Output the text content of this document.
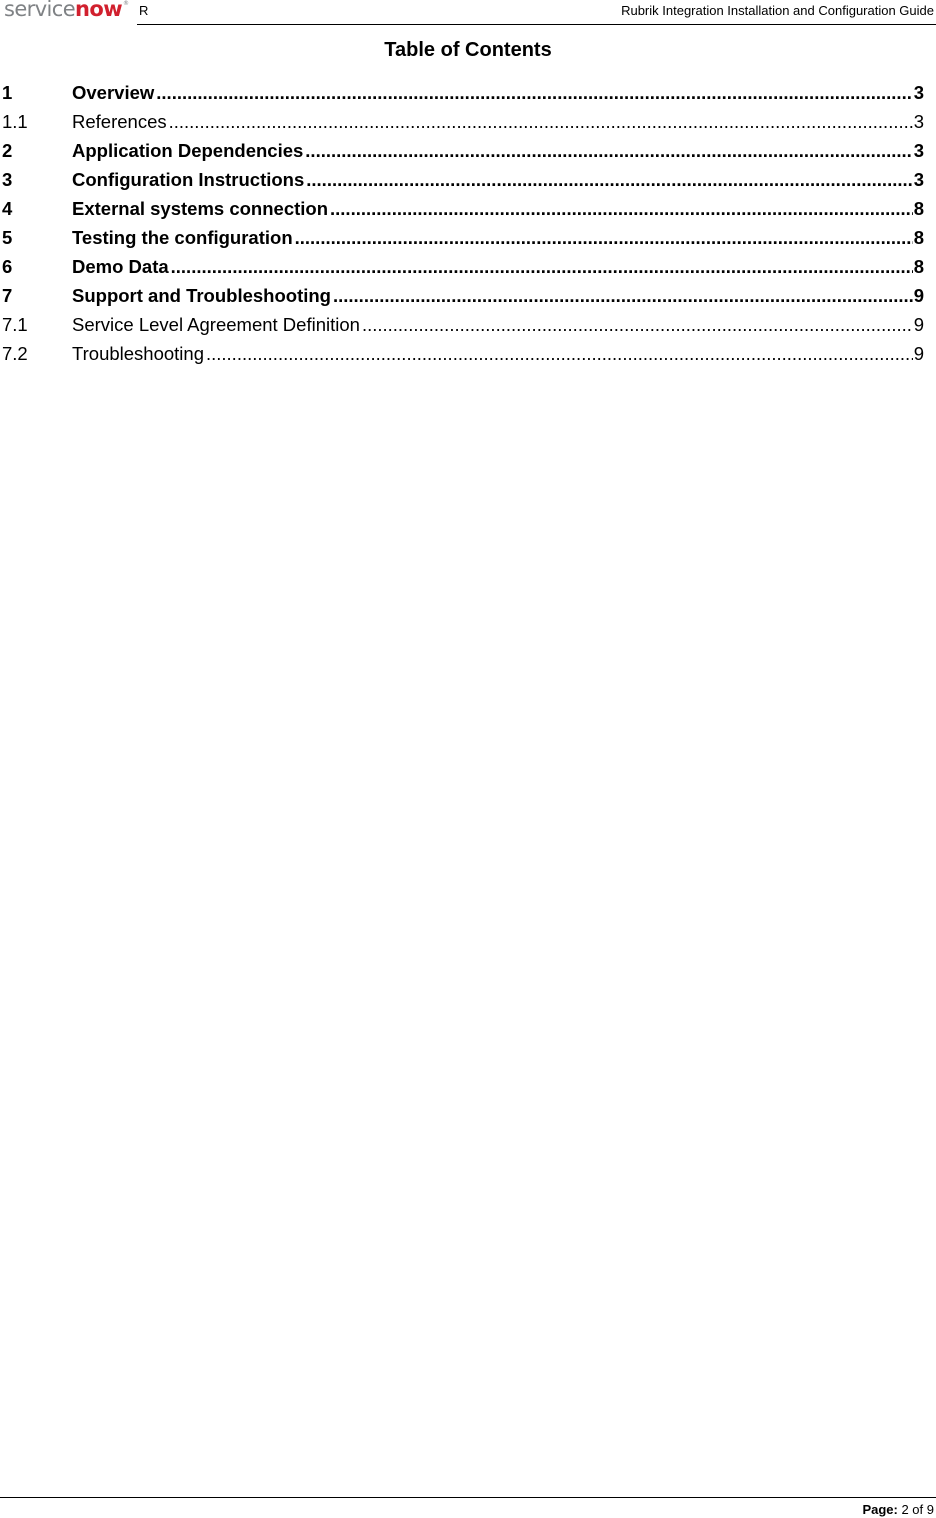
servicenow® R	Rubrik Integration Installation and Configuration Guide
Table of Contents
1	Overview .....	3
1.1	References .....	3
2	Application Dependencies .....	3
3	Configuration Instructions .....	3
4	External systems connection .....	8
5	Testing the configuration .....	8
6	Demo Data .....	8
7	Support and Troubleshooting .....	9
7.1	Service Level Agreement Definition .....	9
7.2	Troubleshooting .....	9
Page: 2 of 9
